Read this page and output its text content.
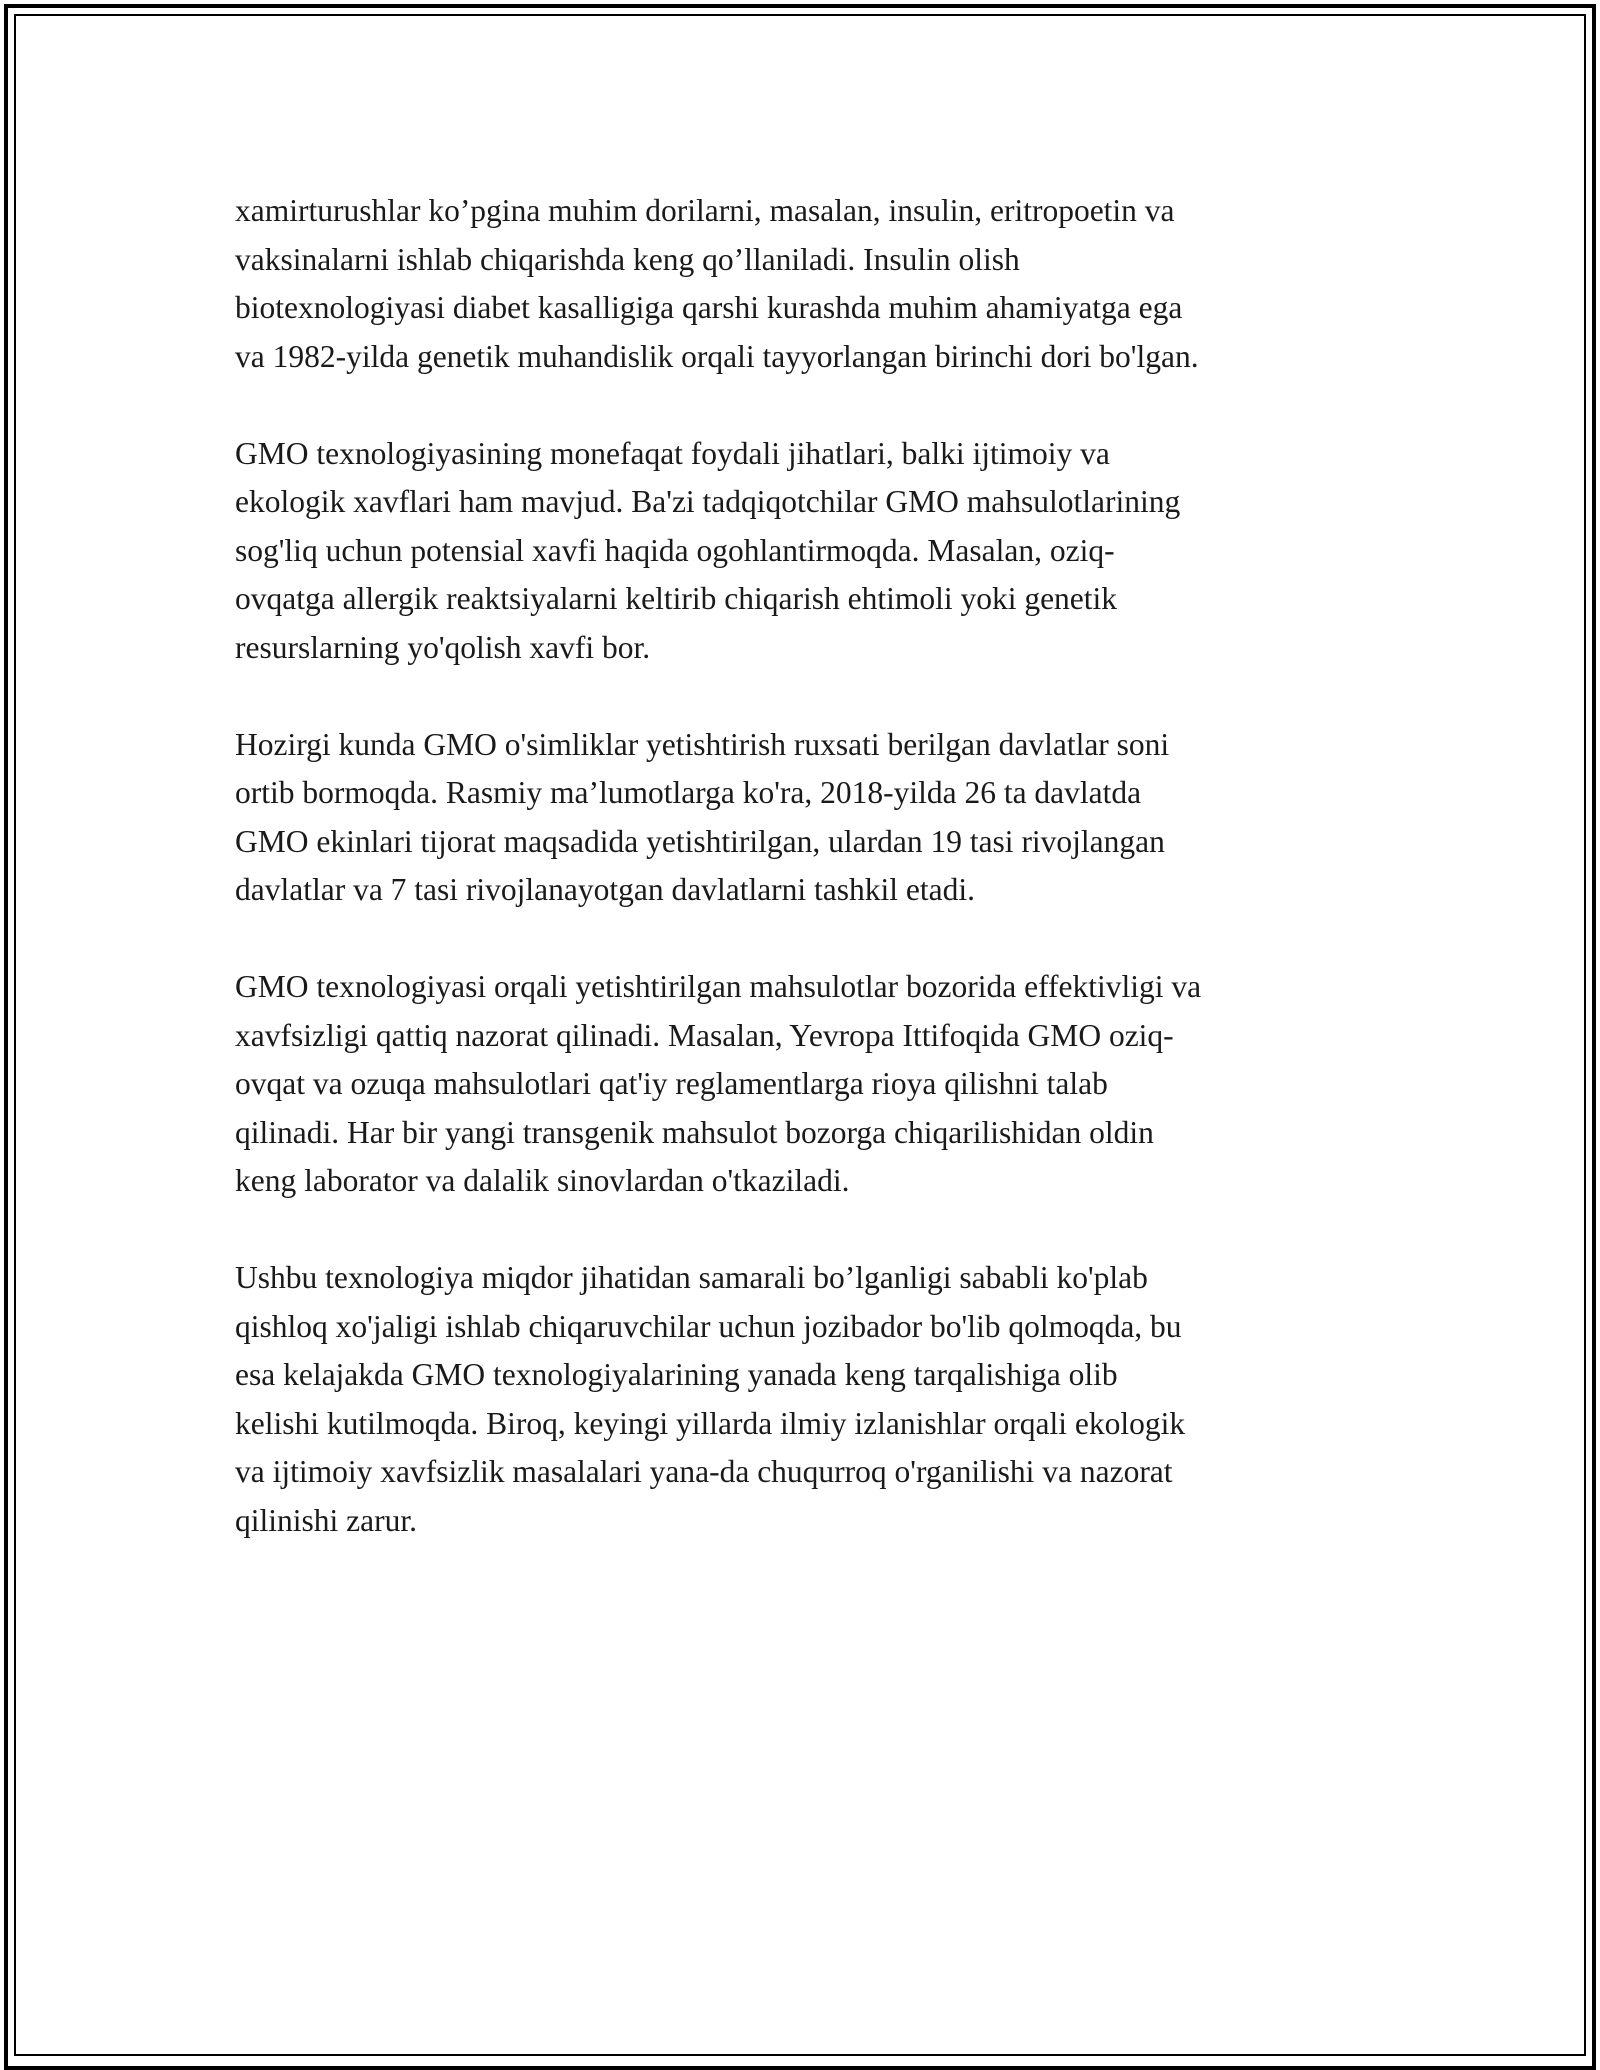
xamirturushlar ko’pgina muhim dorilarni, masalan, insulin, eritropoetin va
vaksinalarni ishlab chiqarishda keng qo’llaniladi. Insulin olish
biotexnologiyasi diabet kasalligiga qarshi kurashda muhim ahamiyatga ega
va 1982-yilda genetik muhandislik orqali tayyorlangan birinchi dori bo'lgan.

GMO texnologiyasining monefaqat foydali jihatlari, balki ijtimoiy va
ekologik xavflari ham mavjud. Ba'zi tadqiqotchilar GMO mahsulotlarining
sog'liq uchun potensial xavfi haqida ogohlantirmoqda. Masalan, oziq-
ovqatga allergik reaktsiyalarni keltirib chiqarish ehtimoli yoki genetik
resurslarning yo'qolish xavfi bor.

Hozirgi kunda GMO o'simliklar yetishtirish ruxsati berilgan davlatlar soni
ortib bormoqda. Rasmiy ma’lumotlarga ko'ra, 2018-yilda 26 ta davlatda
GMO ekinlari tijorat maqsadida yetishtirilgan, ulardan 19 tasi rivojlangan
davlatlar va 7 tasi rivojlanayotgan davlatlarni tashkil etadi.

GMO texnologiyasi orqali yetishtirilgan mahsulotlar bozorida effektivligi va
xavfsizligi qattiq nazorat qilinadi. Masalan, Yevropa Ittifoqida GMO oziq-
ovqat va ozuqa mahsulotlari qat'iy reglamentlarga rioya qilishni talab
qilinadi. Har bir yangi transgenik mahsulot bozorga chiqarilishidan oldin
keng laborator va dalalik sinovlardan o'tkaziladi.

Ushbu texnologiya miqdor jihatidan samarali bo’lganligi sababli ko'plab
qishloq xo'jaligi ishlab chiqaruvchilar uchun jozibador bo'lib qolmoqda, bu
esa kelajakda GMO texnologiyalarining yanada keng tarqalishiga olib
kelishi kutilmoqda. Biroq, keyingi yillarda ilmiy izlanishlar orqali ekologik
va ijtimoiy xavfsizlik masalalari yana-da chuqurroq o'rganilishi va nazorat
qilinishi zarur.
